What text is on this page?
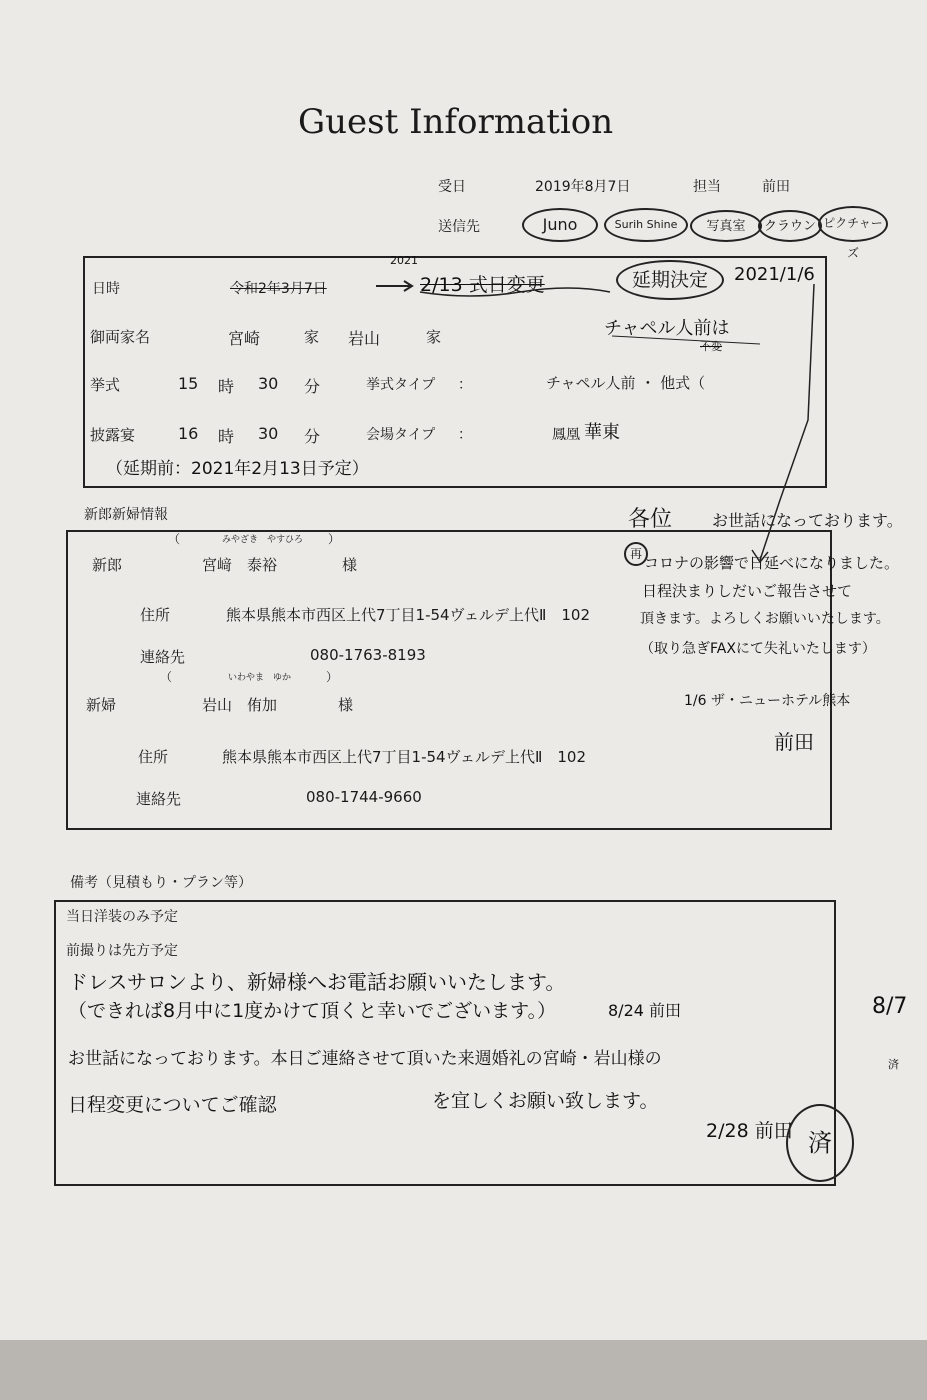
Guest Information
受日	2019年8月7日	担当	前田
送信先	Juno	Surih Shine	写真室	クラウン ピクチャーズ
日時	令和2年3月7日
2021
2/13 式日変更	延期決定	2021/1/6
御両家名	宮崎	家 岩山	家	チャペル人前は
不変
挙式	15 時 30 分	挙式タイプ ：	チャペル人前 ・ 他式（
披露宴	16 時 30 分	会場タイプ ：	鳳凰 華東
（延期前：2021年2月13日予定）
新郎新婦情報
（	みやざき　やすひろ ）
新郎	宮﨑　泰裕	様
住所	熊本県熊本市西区上代7丁目1-54ヴェルデ上代Ⅱ　102
連絡先	080-1763-8193
（	いわやま　ゆか	）
新婦	岩山　侑加	様
住所	熊本県熊本市西区上代7丁目1-54ヴェルデ上代Ⅱ　102
連絡先	080-1744-9660
各位 お世話になっております。
再 コロナの影響で日延べになりました。
日程決まりしだいご報告させて
頂きます。よろしくお願いいたします。
（取り急ぎFAXにて失礼いたします）
1/6 ザ・ニューホテル熊本
前田
備考（見積もり・プラン等）
当日洋装のみ予定
前撮りは先方予定
ドレスサロンより、新婦様へお電話お願いいたします。
（できれば8月中に1度かけて頂くと幸いでございます。）	8/24 前田
お世話になっております。本日ご連絡させて頂いた来週婚礼の宮崎・岩山様の
日程変更についてご確認	を宜しくお願い致します。
2/28 前田 済
8/7
済
